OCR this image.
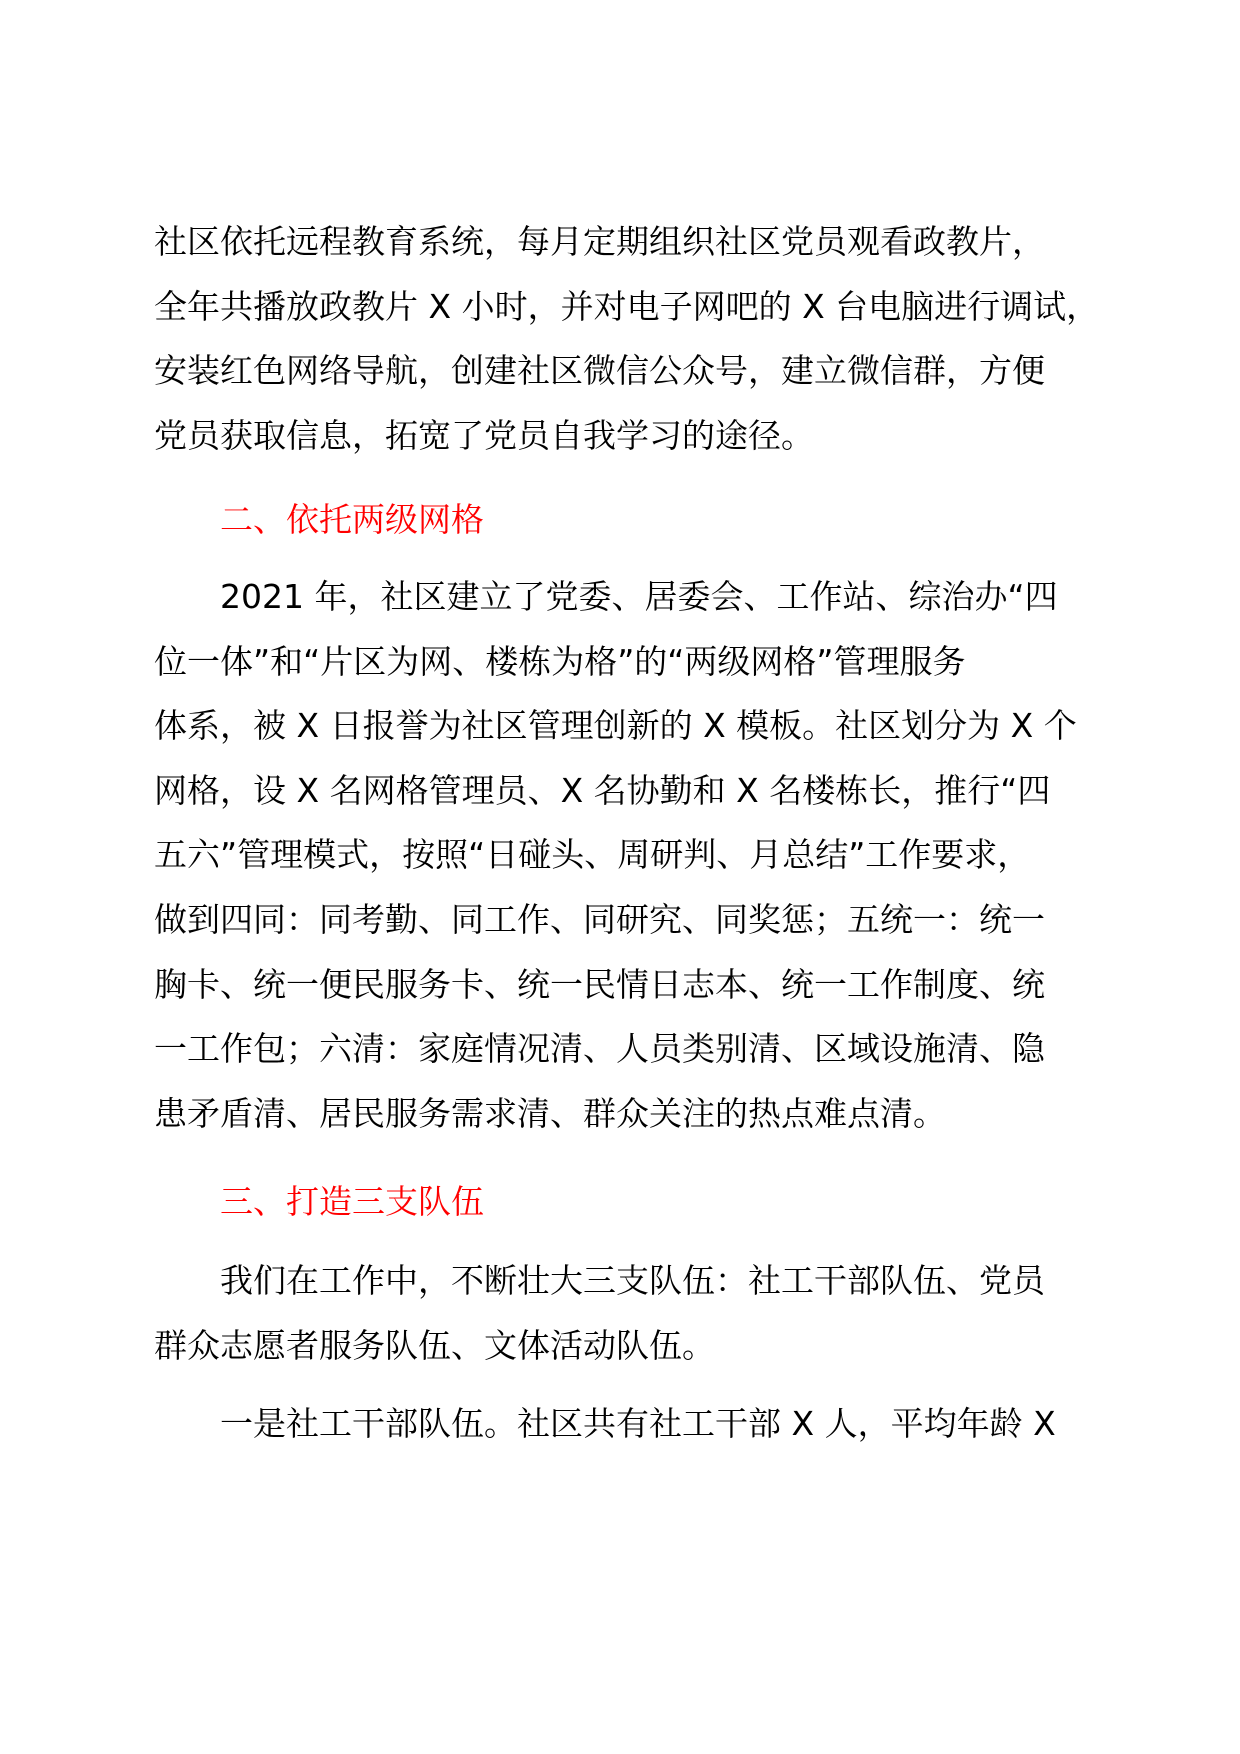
社区依托远程教育系统，每月定期组织社区党员观看政教片，
全年共播放政教片 X 小时，并对电子网吧的 X 台电脑进行调试，
安装红色网络导航，创建社区微信公众号，建立微信群，方便
党员获取信息，拓宽了党员自我学习的途径。

二、依托两级网格

2021 年，社区建立了党委、居委会、工作站、综治办“四
位一体”和“片区为网、楼栋为格”的“两级网格”管理服务
体系，被 X 日报誉为社区管理创新的 X 模板。社区划分为 X 个
网格，设 X 名网格管理员、X 名协勤和 X 名楼栋长，推行“四
五六”管理模式，按照“日碰头、周研判、月总结”工作要求，
做到四同：同考勤、同工作、同研究、同奖惩；五统一：统一
胸卡、统一便民服务卡、统一民情日志本、统一工作制度、统
一工作包；六清：家庭情况清、人员类别清、区域设施清、隐
患矛盾清、居民服务需求清、群众关注的热点难点清。

三、打造三支队伍

我们在工作中，不断壮大三支队伍：社工干部队伍、党员
群众志愿者服务队伍、文体活动队伍。
一是社工干部队伍。社区共有社工干部 X 人，平均年龄 X
